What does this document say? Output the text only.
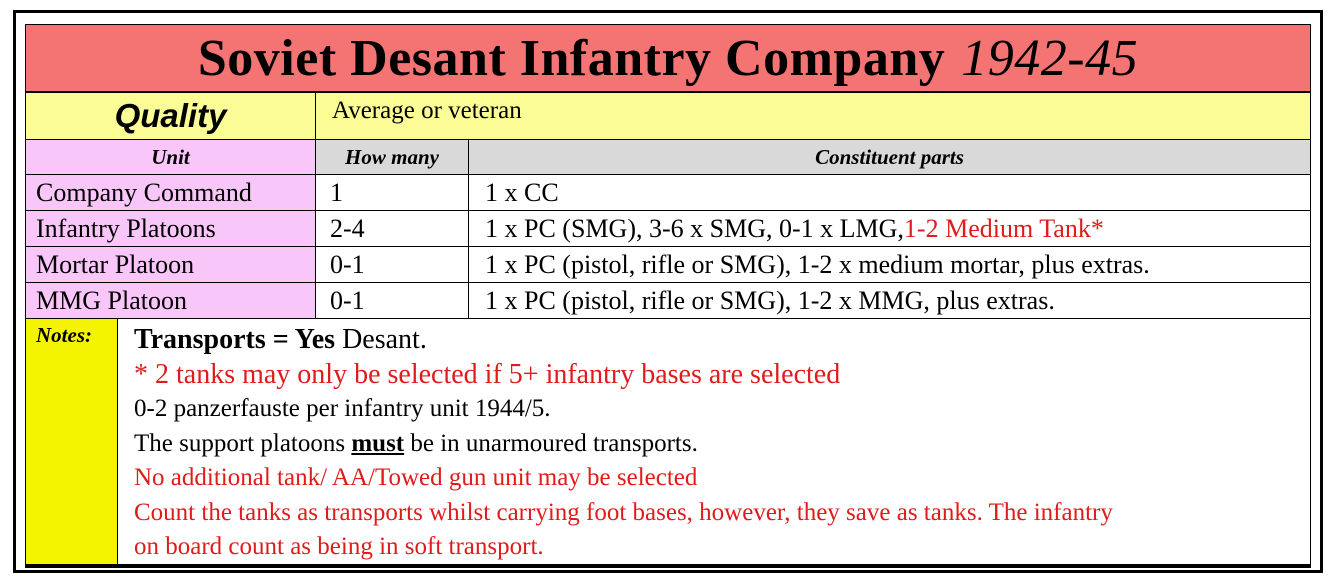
Soviet Desant Infantry Company 1942-45
Quality	Average or veteran
Unit	How many	Constituent parts
Company Command	1	1 x CC
Infantry Platoons	2-4	1 x PC (SMG), 3-6 x SMG, 0-1 x LMG, 1-2 Medium Tank*
Mortar Platoon	0-1	1 x PC (pistol, rifle or SMG), 1-2 x medium mortar, plus extras.
MMG Platoon	0-1	1 x PC (pistol, rifle or SMG), 1-2 x MMG, plus extras.
Notes:	Transports = Yes Desant.
* 2 tanks may only be selected if 5+ infantry bases are selected
0-2 panzerfauste per infantry unit 1944/5.
The support platoons must be in unarmoured transports.
No additional tank/ AA/Towed gun unit may be selected
Count the tanks as transports whilst carrying foot bases, however, they save as tanks. The infantry
on board count as being in soft transport.
